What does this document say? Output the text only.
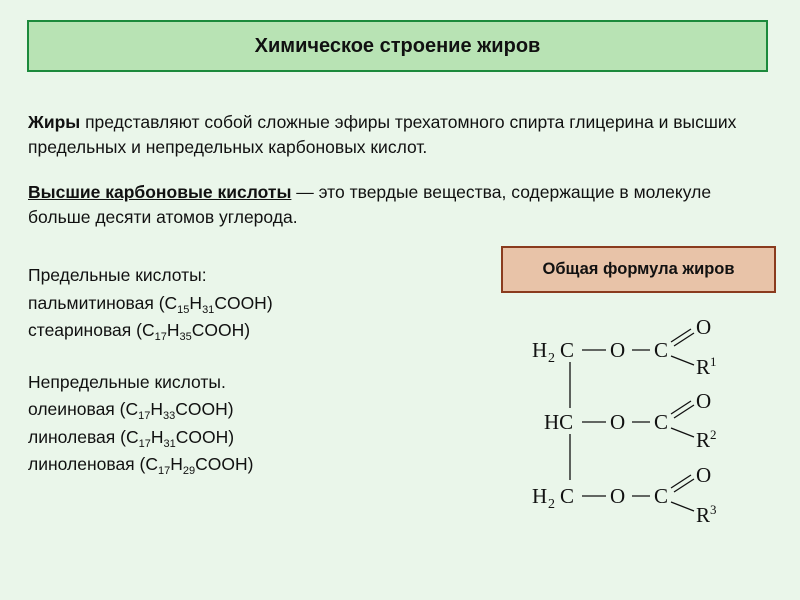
Химическое строение жиров

Жиры представляют собой сложные эфиры трехатомного спирта глицерина и высших предельных и непредельных карбоновых кислот.

Высшие карбоновые кислоты — это твердые вещества, содержащие в молекуле больше десяти атомов углерода.

Предельные кислоты:
пальмитиновая $(C_{15}H_{31}COOH)$
стеариновая $(C_{17}H_{35}COOH)$
Непредельные кислоты.
олеиновая $(C_{17}H_{33}COOH)$
линолевая $(C_{17}H_{31}COOH)$
линоленовая $(C_{17}H_{29}COOH)$
Общая формула жиров
H 2 C O C
O
R 1
HC O C
O
R 2
H 2 C O C
O
R 3
